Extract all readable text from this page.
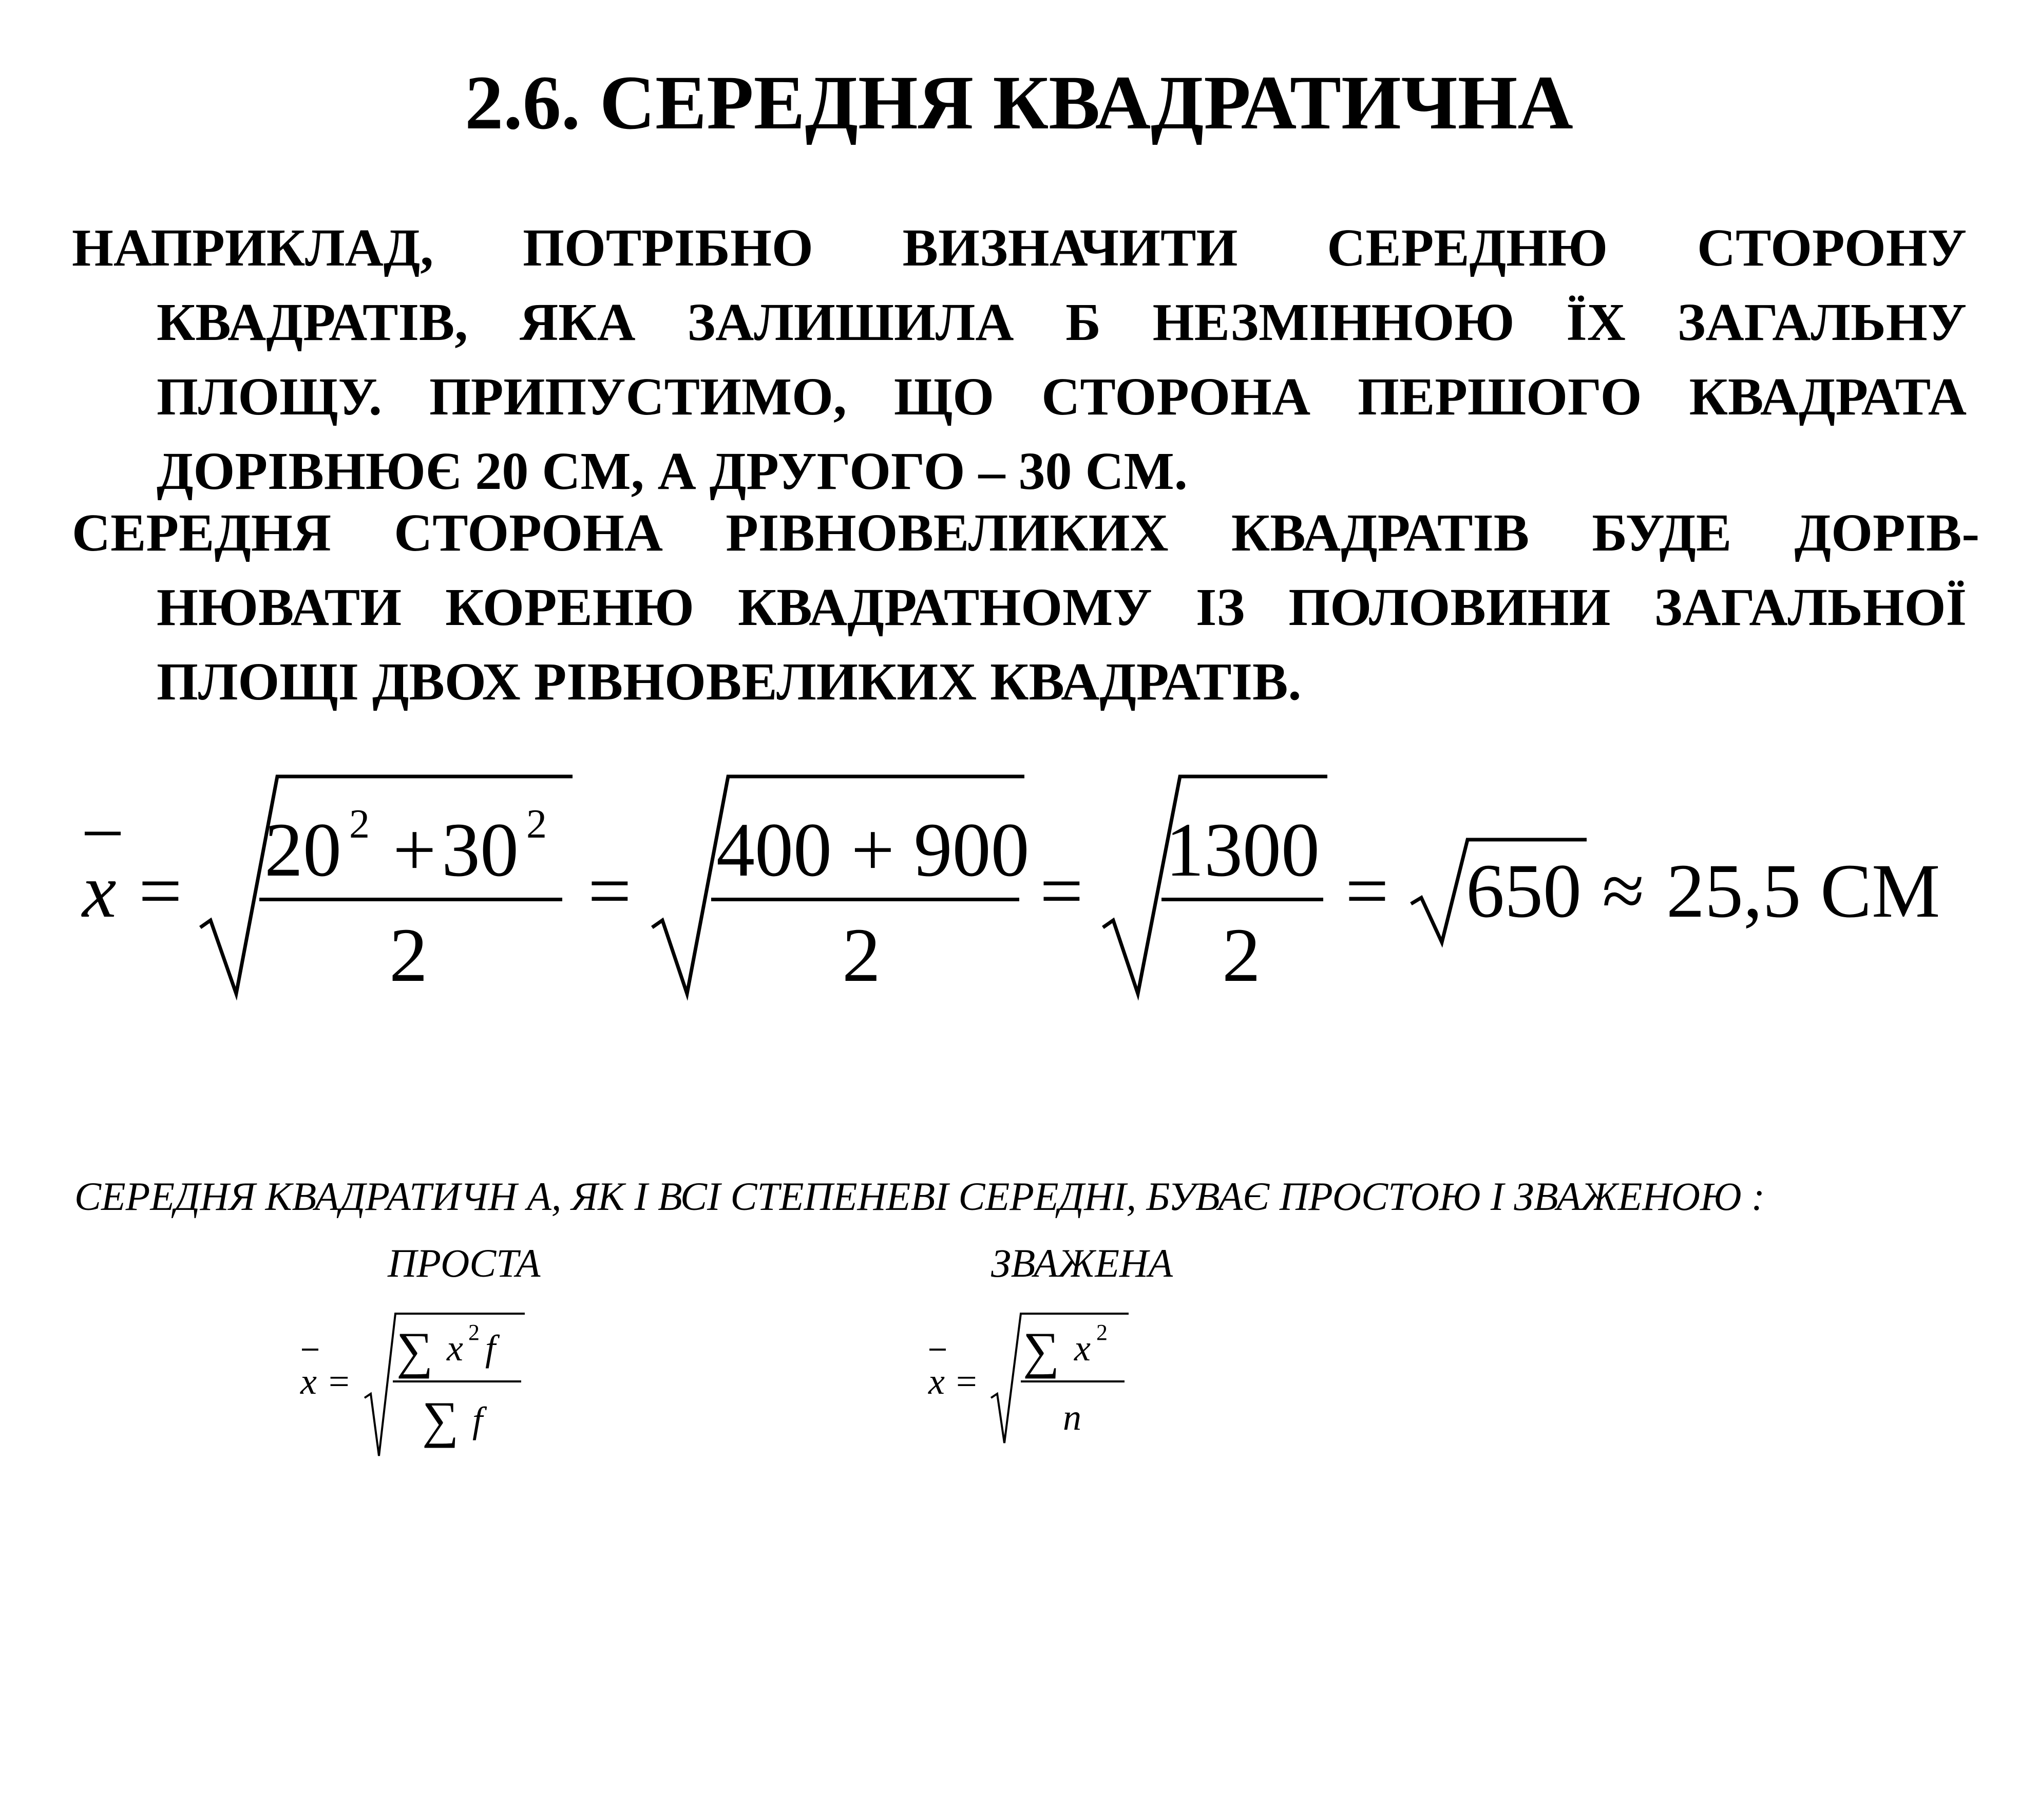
2.6. СЕРЕДНЯ КВАДРАТИЧНА
НАПРИКЛАД, ПОТРІБНО ВИЗНАЧИТИ СЕРЕДНЮ СТОРОНУ
КВАДРАТІВ, ЯКА ЗАЛИШИЛА Б НЕЗМІННОЮ ЇХ ЗАГАЛЬНУ
ПЛОЩУ. ПРИПУСТИМО, ЩО СТОРОНА ПЕРШОГО КВАДРАТА
ДОРІВНЮЄ 20 СМ, А ДРУГОГО – 30 СМ.
СЕРЕДНЯ СТОРОНА РІВНОВЕЛИКИХ КВАДРАТІВ БУДЕ ДОРІВ-
НЮВАТИ КОРЕНЮ КВАДРАТНОМУ ІЗ ПОЛОВИНИ ЗАГАЛЬНОЇ
ПЛОЩІ ДВОХ РІВНОВЕЛИКИХ КВАДРАТІВ.
x = 20 2 + 30 2
2
= 400 + 900
2
= 1300
2
= 650 ≈ 25,5 СМ
СЕРЕДНЯ КВАДРАТИЧН А, ЯК І ВСІ СТЕПЕНЕВІ СЕРЕДНІ, БУВАЄ ПРОСТОЮ І ЗВАЖЕНОЮ :
ПРОСТА	ЗВАЖЕНА
x =
∑ x 2 f
∑ f
x =
∑ x 2
n
